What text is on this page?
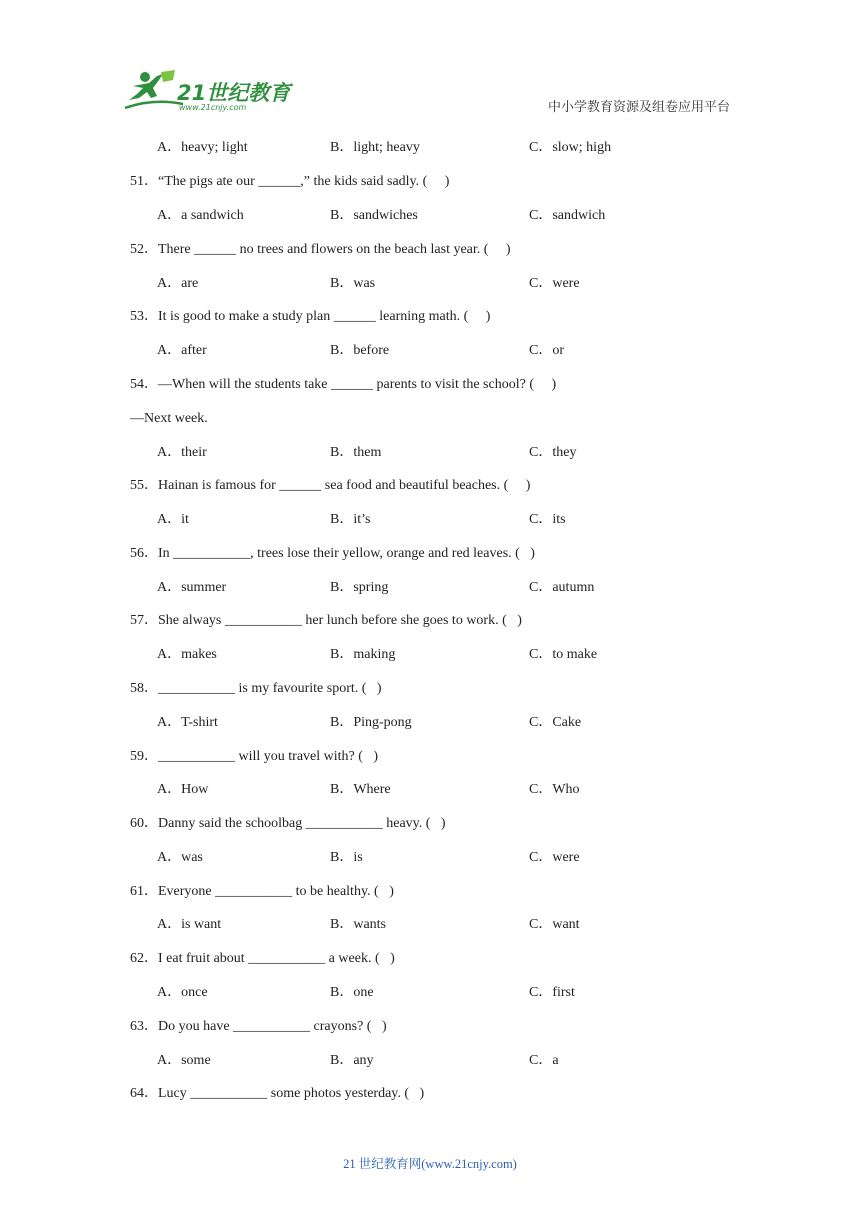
21世纪教育
www.21cnjy.com	中小学教育资源及组卷应用平台
A．heavy; light	B．light; heavy	C．slow; high
51．“The pigs ate our ______,” the kids said sadly. (     )
A．a sandwich	B．sandwiches	C．sandwich
52．There ______ no trees and flowers on the beach last year. (     )
A．are	B．was	C．were
53．It is good to make a study plan ______ learning math. (     )
A．after	B．before	C．or
54．—When will the students take ______ parents to visit the school? (     )
—Next week.
A．their	B．them	C．they
55．Hainan is famous for ______ sea food and beautiful beaches. (     )
A．it	B．it’s	C．its
56．In ___________, trees lose their yellow, orange and red leaves. (   )
A．summer	B．spring	C．autumn
57．She always ___________ her lunch before she goes to work. (   )
A．makes	B．making	C．to make
58．___________ is my favourite sport. (   )
A．T-shirt	B．Ping-pong	C．Cake
59．___________ will you travel with? (   )
A．How	B．Where	C．Who
60．Danny said the schoolbag ___________ heavy. (   )
A．was	B．is	C．were
61．Everyone ___________ to be healthy. (   )
A．is want	B．wants	C．want
62．I eat fruit about ___________ a week. (   )
A．once	B．one	C．first
63．Do you have ___________ crayons? (   )
A．some	B．any	C．a
64．Lucy ___________ some photos yesterday. (   )
21 世纪教育网(www.21cnjy.com)
